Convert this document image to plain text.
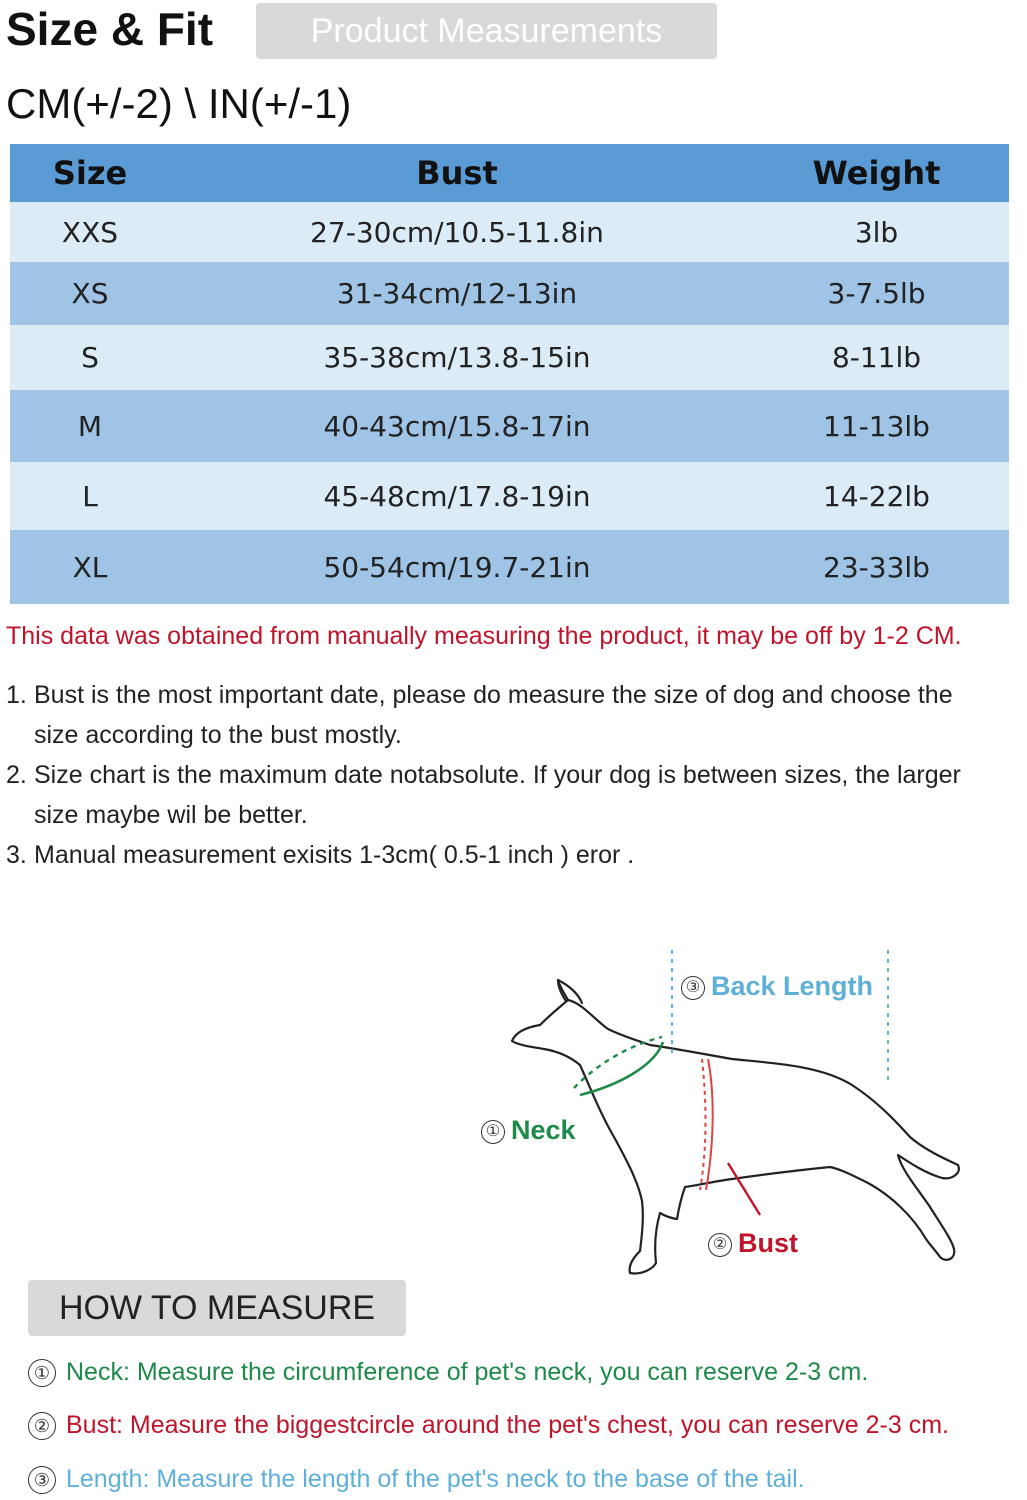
Size & Fit	Product Measurements
CM(+/-2) \ IN(+/-1)
Size	Bust	Weight
XXS	27-30cm/10.5-11.8in	3lb
XS	31-34cm/12-13in	3-7.5lb
S	35-38cm/13.8-15in	8-11lb
M	40-43cm/15.8-17in	11-13lb
L	45-48cm/17.8-19in	14-22lb
XL	50-54cm/19.7-21in	23-33lb
This data was obtained from manually measuring the product, it may be off by 1-2 CM.
1. Bust is the most important date, please do measure the size of dog and choose the
size according to the bust mostly.
2. Size chart is the maximum date notabsolute. If your dog is between sizes, the larger
size maybe wil be better.
3. Manual measurement exisits 1-3cm( 0.5-1 inch ) eror .
① Neck
③ Back Length
② Bust
HOW TO MEASURE
① Neck: Measure the circumference of pet's neck, you can reserve 2-3 cm.
② Bust: Measure the biggestcircle around the pet's chest, you can reserve 2-3 cm.
③ Length: Measure the length of the pet's neck to the base of the tail.
